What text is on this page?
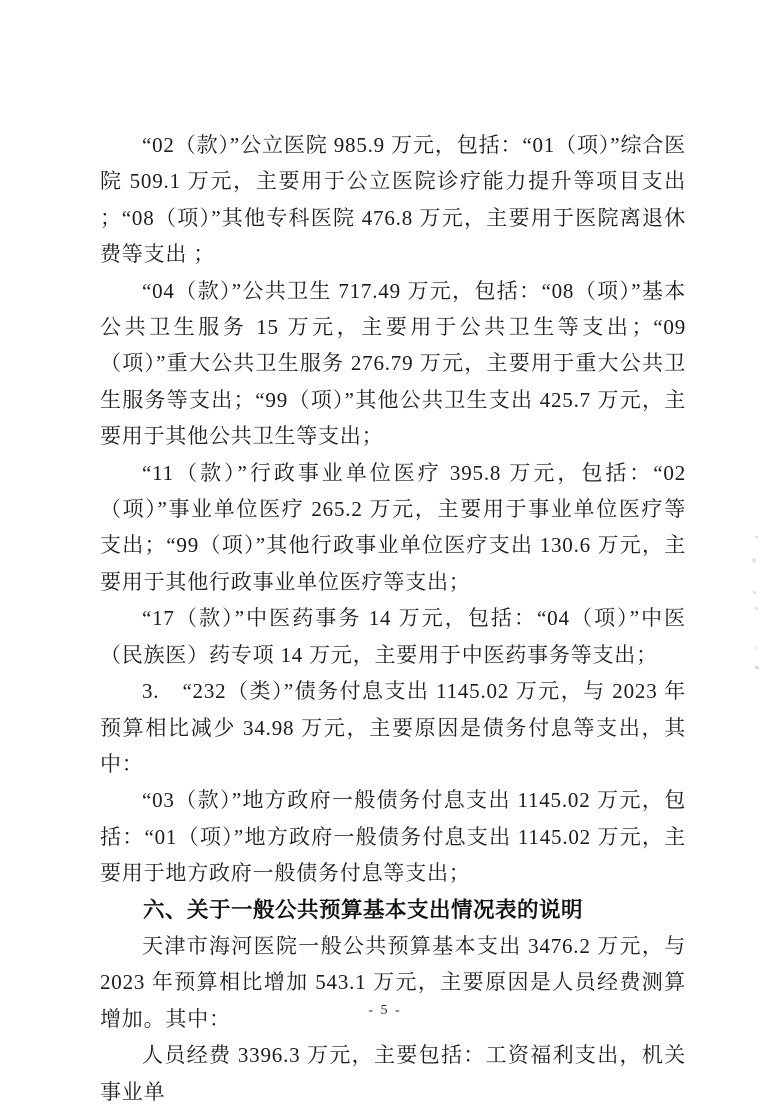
“02（款）”公立医院 985.9 万元，包括：“01（项）”综合医院 509.1 万元，主要用于公立医院诊疗能力提升等项目支出 ；“08（项）”其他专科医院 476.8 万元，主要用于医院离退休费等支出 ；

“04（款）”公共卫生 717.49 万元，包括：“08（项）”基本公共卫生服务 15 万元，主要用于公共卫生等支出；“09（项）”重大公共卫生服务 276.79 万元，主要用于重大公共卫生服务等支出；“99（项）”其他公共卫生支出 425.7 万元，主要用于其他公共卫生等支出；

“11（款）”行政事业单位医疗 395.8 万元，包括：“02（项）”事业单位医疗 265.2 万元，主要用于事业单位医疗等支出；“99（项）”其他行政事业单位医疗支出 130.6 万元，主要用于其他行政事业单位医疗等支出；

“17（款）”中医药事务 14 万元，包括：“04（项）”中医（民族医）药专项 14 万元，主要用于中医药事务等支出；

3.　“232（类）”债务付息支出 1145.02 万元，与 2023 年预算相比减少 34.98 万元，主要原因是债务付息等支出，其中：

“03（款）”地方政府一般债务付息支出 1145.02 万元，包括：“01（项）”地方政府一般债务付息支出 1145.02 万元，主要用于地方政府一般债务付息等支出；

六、关于一般公共预算基本支出情况表的说明

天津市海河医院一般公共预算基本支出 3476.2 万元，与 2023 年预算相比增加 543.1 万元，主要原因是人员经费测算增加。其中：

人员经费 3396.3 万元，主要包括：工资福利支出，机关事业单

- 5 -
